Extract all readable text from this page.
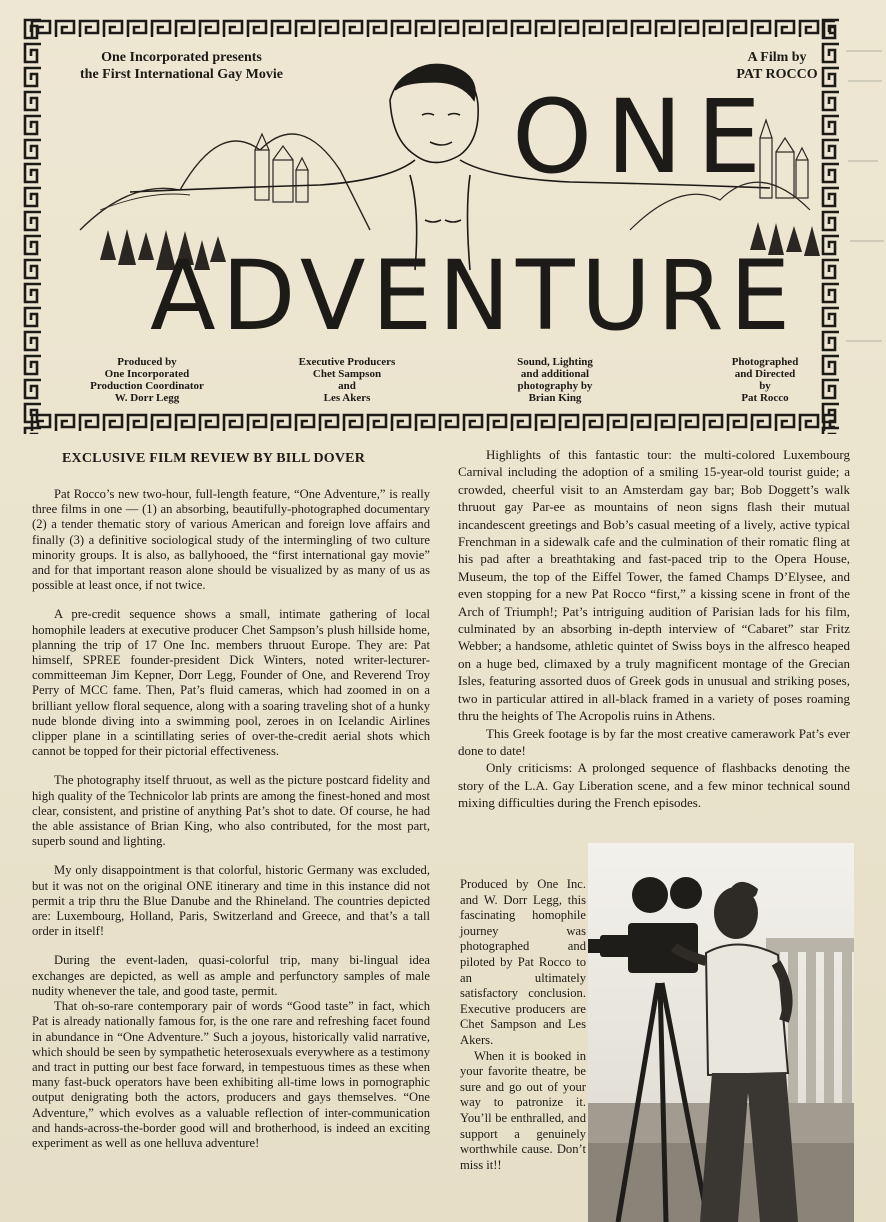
One Incorporated presents
the First International Gay Movie
A Film by
PAT ROCCO
ONE
ADVENTURE
Produced by
One Incorporated
Production Coordinator
W. Dorr Legg
Executive Producers
Chet Sampson
and
Les Akers
Sound, Lighting
and additional
photography by
Brian King
Photographed
and Directed
by
Pat Rocco
EXCLUSIVE FILM REVIEW BY BILL DOVER

Pat Rocco’s new two-hour, full-length feature, “One Adventure,” is really three films in one — (1) an absorbing, beautifully-photographed documentary (2) a tender thematic story of various American and foreign love affairs and finally (3) a definitive sociological study of the intermingling of two culture minority groups. It is also, as ballyhooed, the “first international gay movie” and for that important reason alone should be visualized by as many of us as possible at least once, if not twice.

A pre-credit sequence shows a small, intimate gathering of local homophile leaders at executive producer Chet Sampson’s plush hillside home, planning the trip of 17 One Inc. members thruout Europe. They are: Pat himself, SPREE founder-president Dick Winters, noted writer-lecturer-committeeman Jim Kepner, Dorr Legg, Founder of One, and Reverend Troy Perry of MCC fame. Then, Pat’s fluid cameras, which had zoomed in on a brilliant yellow floral sequence, along with a soaring traveling shot of a hunky nude blonde diving into a swimming pool, zeroes in on Icelandic Airlines clipper plane in a scintillating series of over-the-credit aerial shots which cannot be topped for their pictorial effectiveness.

The photography itself thruout, as well as the picture postcard fidelity and high quality of the Technicolor lab prints are among the finest-honed and most clear, consistent, and pristine of anything Pat’s shot to date. Of course, he had the able assistance of Brian King, who also contributed, for the most part, superb sound and lighting.

My only disappointment is that colorful, historic Germany was excluded, but it was not on the original ONE itinerary and time in this instance did not permit a trip thru the Blue Danube and the Rhineland. The countries depicted are: Luxembourg, Holland, Paris, Switzerland and Greece, and that’s a tall order in itself!

During the event-laden, quasi-colorful trip, many bi-lingual idea exchanges are depicted, as well as ample and perfunctory samples of male nudity whenever the tale, and good taste, permit.

That oh-so-rare contemporary pair of words “Good taste” in fact, which Pat is already nationally famous for, is the one rare and refreshing facet found in abundance in “One Adventure.” Such a joyous, historically valid narrative, which should be seen by sympathetic heterosexuals everywhere as a testimony and tract in putting our best face forward, in tempestuous times as these when many fast-buck operators have been exhibiting all-time lows in pornographic output denigrating both the actors, producers and gays themselves. “One Adventure,” which evolves as a valuable reflection of inter-communication and hands-across-the-border good will and brotherhood, is indeed an exciting experiment as well as one helluva adventure!

Highlights of this fantastic tour: the multi-colored Luxembourg Carnival including the adoption of a smiling 15-year-old tourist guide; a crowded, cheerful visit to an Amsterdam gay bar; Bob Doggett’s walk thruout gay Par-ee as mountains of neon signs flash their mutual incandescent greetings and Bob’s casual meeting of a lively, active typical Frenchman in a sidewalk cafe and the culmination of their romatic fling at his pad after a breathtaking and fast-paced trip to the Opera House, Museum, the top of the Eiffel Tower, the famed Champs D’Elysee, and even stopping for a new Pat Rocco “first,” a kissing scene in front of the Arch of Triumph!; Pat’s intriguing audition of Parisian lads for his film, culminated by an absorbing in-depth interview of “Cabaret” star Fritz Webber; a handsome, athletic quintet of Swiss boys in the alfresco heaped on a huge bed, climaxed by a truly magnificent montage of the Grecian Isles, featuring assorted duos of Greek gods in unusual and striking poses, two in particular attired in all-black framed in a variety of poses roaming thru the heights of The Acropolis ruins in Athens.

This Greek footage is by far the most creative camerawork Pat’s ever done to date!

Only criticisms: A prolonged sequence of flashbacks denoting the story of the L.A. Gay Liberation scene, and a few minor technical sound mixing difficulties during the French episodes.

Produced by One Inc. and W. Dorr Legg, this fascinating homophile journey was photographed and piloted by Pat Rocco to an ultimately satisfactory conclusion. Executive producers are Chet Sampson and Les Akers.

When it is booked in your favorite theatre, be sure and go out of your way to patronize it. You’ll be enthralled, and support a genuinely worthwhile cause. Don’t miss it!!
